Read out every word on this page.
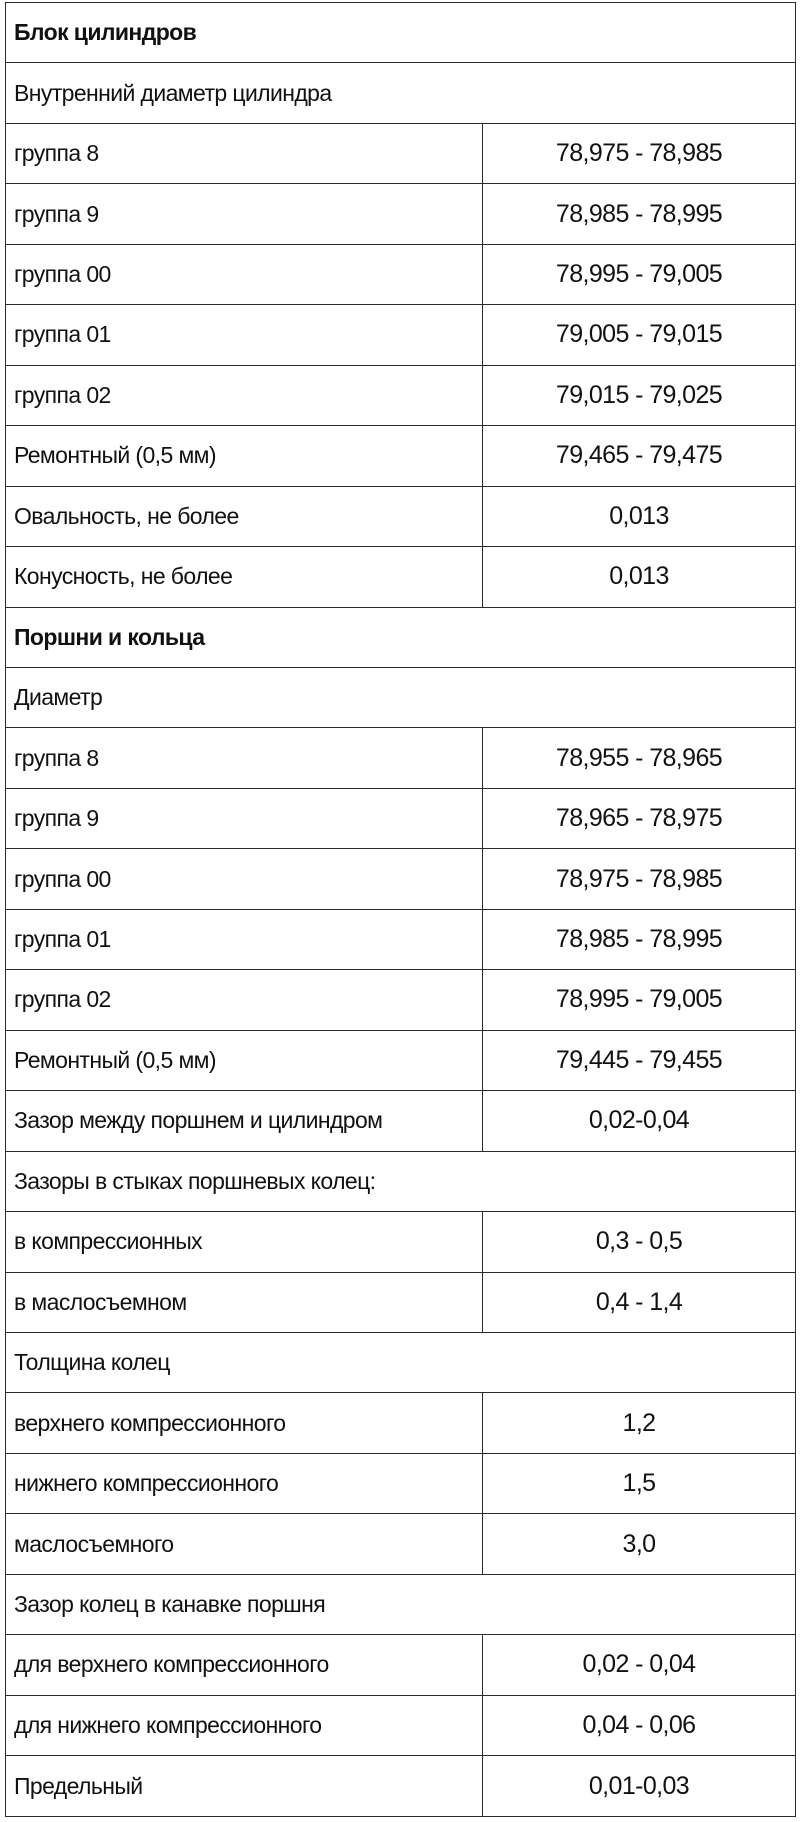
Блок цилиндров	
Внутренний диаметр цилиндра	
группа 8	78,975 - 78,985
группа 9	78,985 - 78,995
группа 00	78,995 - 79,005
группа 01	79,005 - 79,015
группа 02	79,015 - 79,025
Ремонтный (0,5 мм)	79,465 - 79,475
Овальность, не более	0,013
Конусность, не более	0,013
Поршни и кольца	
Диаметр	
группа 8	78,955 - 78,965
группа 9	78,965 - 78,975
группа 00	78,975 - 78,985
группа 01	78,985 - 78,995
группа 02	78,995 - 79,005
Ремонтный (0,5 мм)	79,445 - 79,455
Зазор между поршнем и цилиндром	0,02-0,04
Зазоры в стыках поршневых колец:	
в компрессионных	0,3 - 0,5
в маслосъемном	0,4 - 1,4
Толщина колец	
верхнего компрессионного	1,2
нижнего компрессионного	1,5
маслосъемного	3,0
Зазор колец в канавке поршня	
для верхнего компрессионного	0,02 - 0,04
для нижнего компрессионного	0,04 - 0,06
Предельный	0,01-0,03
